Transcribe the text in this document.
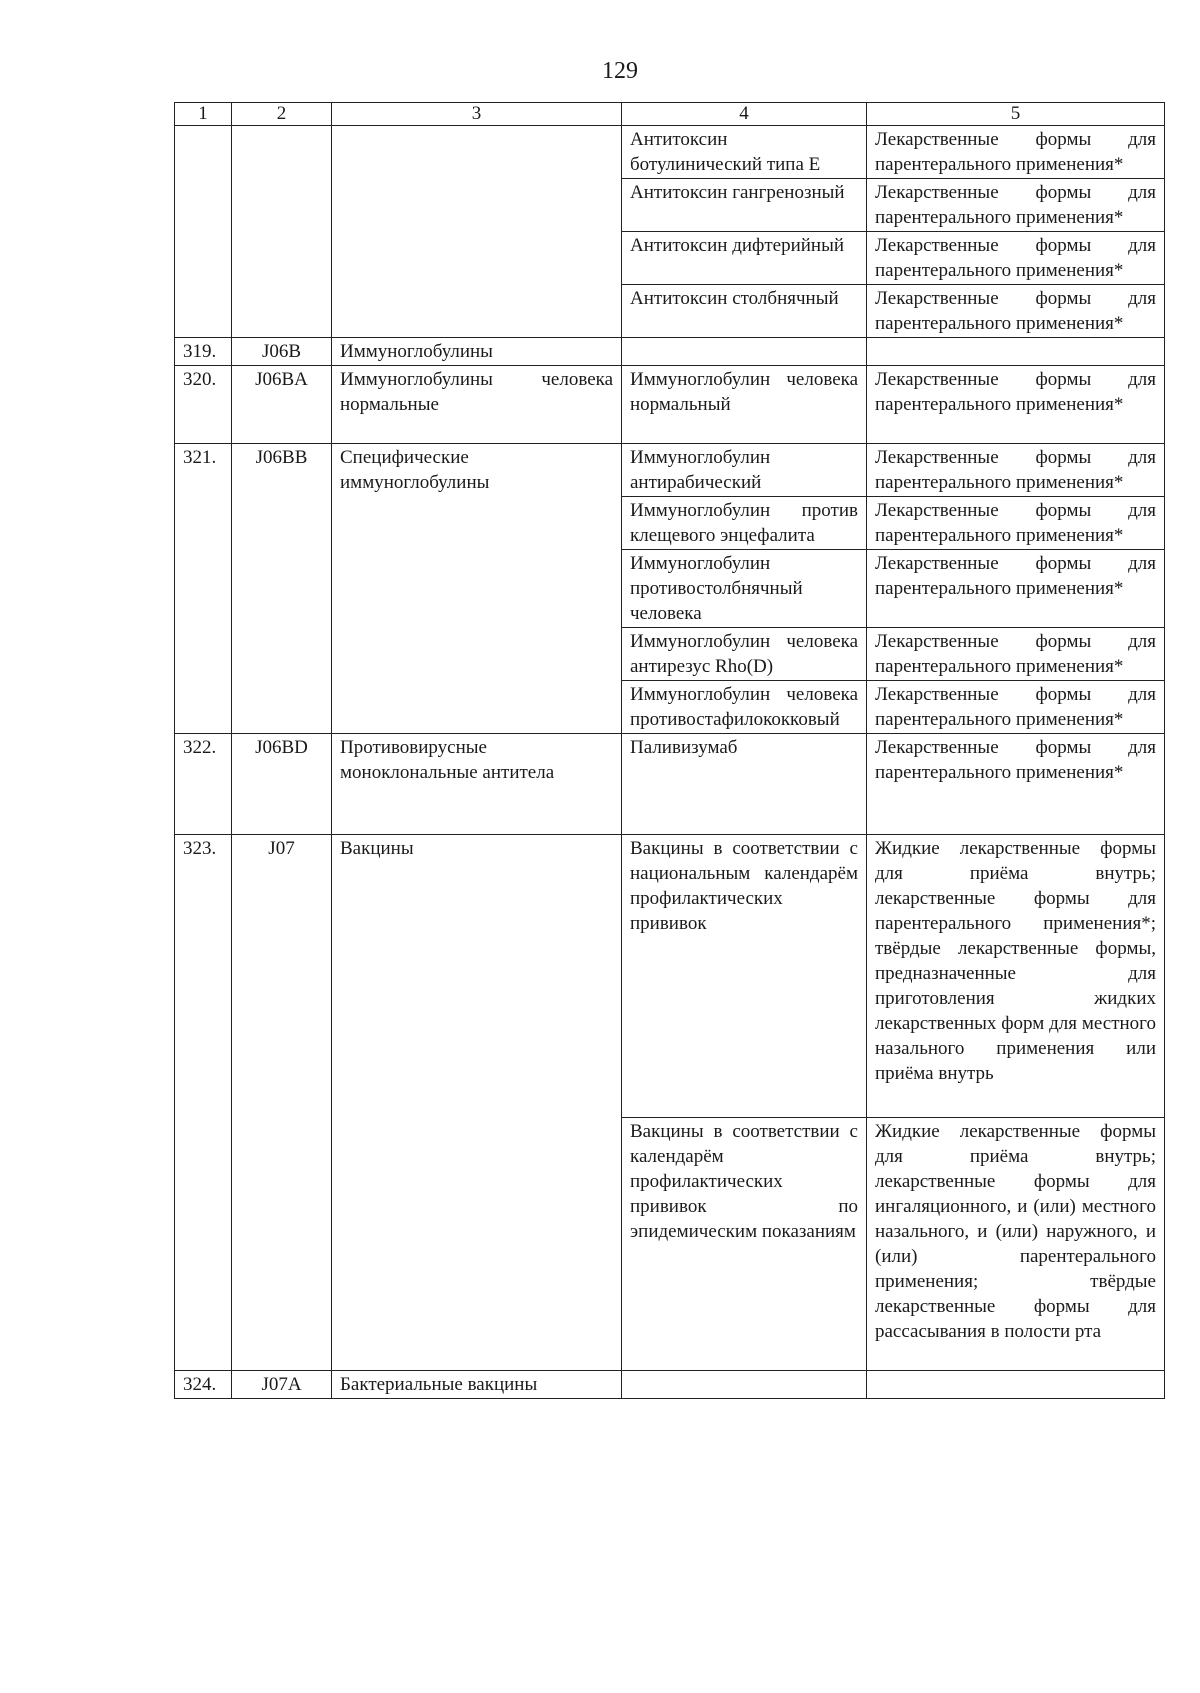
129
1	2	3	4	5
			Антитоксин ботулинический типа Е	Лекарственные формы для парентерального применения*
			Антитоксин гангренозный	Лекарственные формы для парентерального применения*
			Антитоксин дифтерийный	Лекарственные формы для парентерального применения*
			Антитоксин столбнячный	Лекарственные формы для парентерального применения*
319.	J06B	Иммуноглобулины		
320.	J06BA	Иммуноглобулины человека нормальные	Иммуноглобулин человека нормальный	Лекарственные формы для парентерального применения*
321.	J06BB	Специфические иммуноглобулины	Иммуноглобулин антирабический	Лекарственные формы для парентерального применения*
			Иммуноглобулин против клещевого энцефалита	Лекарственные формы для парентерального применения*
			Иммуноглобулин противостолбнячный человека	Лекарственные формы для парентерального применения*
			Иммуноглобулин человека антирезус Rho(D)	Лекарственные формы для парентерального применения*
			Иммуноглобулин человека противостафилококковый	Лекарственные формы для парентерального применения*
322.	J06BD	Противовирусные моноклональные антитела	Паливизумаб	Лекарственные формы для парентерального применения*
323.	J07	Вакцины	Вакцины в соответствии с национальным календарём профилактических прививок	Жидкие лекарственные формы для приёма внутрь; лекарственные формы для парентерального применения*; твёрдые лекарственные формы, предназначенные для приготовления жидких лекарственных форм для местного назального применения или приёма внутрь
			Вакцины в соответствии с календарём профилактических прививок по эпидемическим показаниям	Жидкие лекарственные формы для приёма внутрь; лекарственные формы для ингаляционного, и (или) местного назального, и (или) наружного, и (или) парентерального применения; твёрдые лекарственные формы для рассасывания в полости рта
324.	J07A	Бактериальные вакцины		
